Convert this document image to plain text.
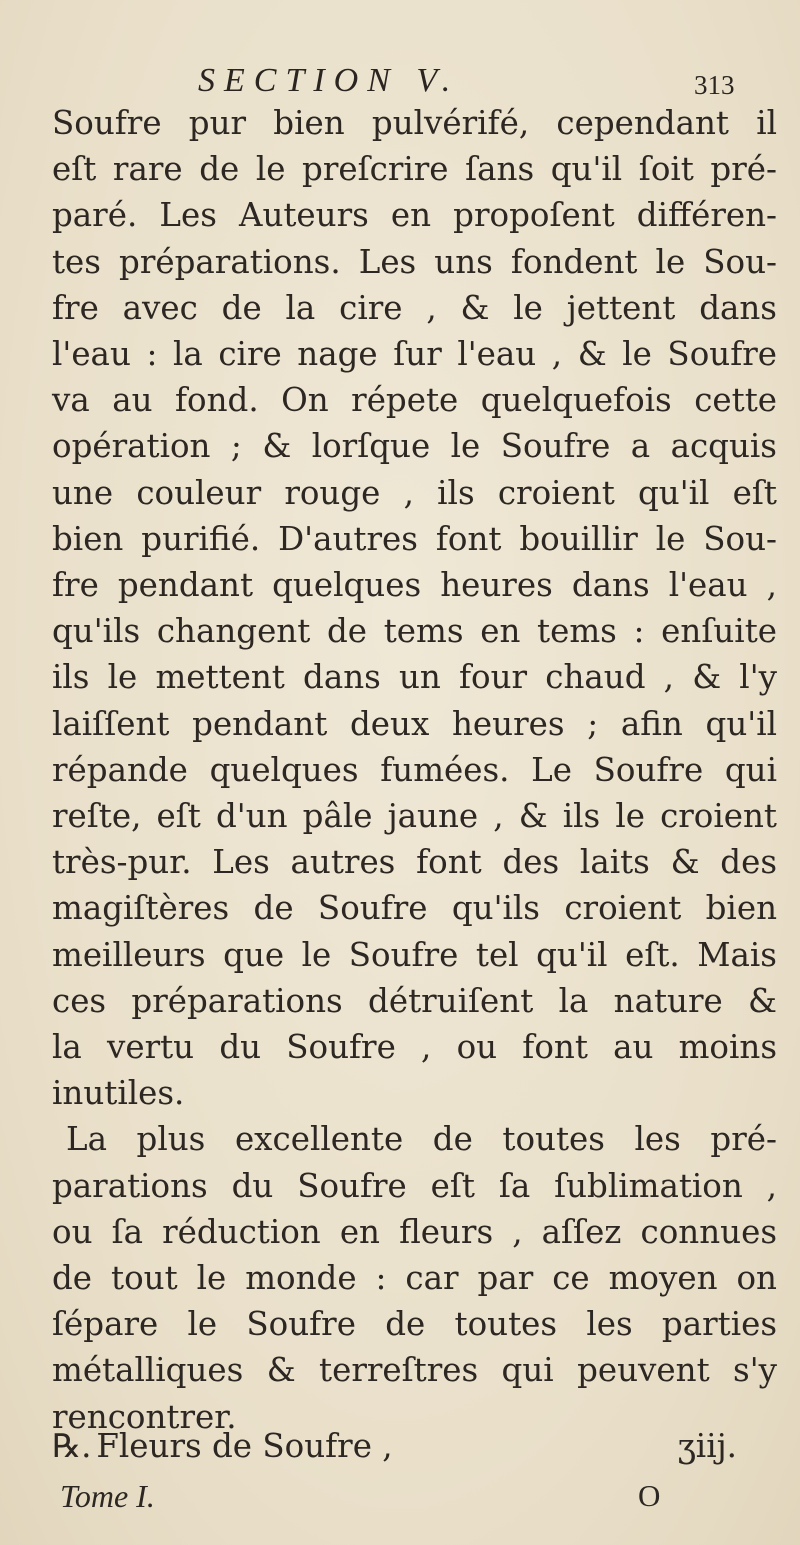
SECTION V.	313
Soufre pur bien pulvérifé, cependant il
eſt rare de le preſcrire ſans qu'il ſoit pré-
paré. Les Auteurs en propoſent différen-
tes préparations. Les uns fondent le Sou-
fre avec de la cire , & le jettent dans
l'eau : la cire nage ſur l'eau , & le Soufre
va au fond. On répete quelquefois cette
opération ; & lorſque le Soufre a acquis
une couleur rouge , ils croient qu'il eſt
bien purifié. D'autres font bouillir le Sou-
fre pendant quelques heures dans l'eau ,
qu'ils changent de tems en tems : enſuite
ils le mettent dans un four chaud , & l'y
laiſſent pendant deux heures ; afin qu'il
répande quelques fumées. Le Soufre qui
reſte, eſt d'un pâle jaune , & ils le croient
très-pur. Les autres font des laits & des
magiſtères de Soufre qu'ils croient bien
meilleurs que le Soufre tel qu'il eſt. Mais
ces préparations détruiſent la nature &
la vertu du Soufre , ou font au moins
inutiles.
La plus excellente de toutes les pré-
parations du Soufre eſt ſa ſublimation ,
ou ſa réduction en fleurs , aſſez connues
de tout le monde : car par ce moyen on
ſépare le Soufre de toutes les parties
métalliques & terreſtres qui peuvent s'y
rencontrer.
℞. Fleurs de Soufre ,	ʒiij.
Tome I.	O
